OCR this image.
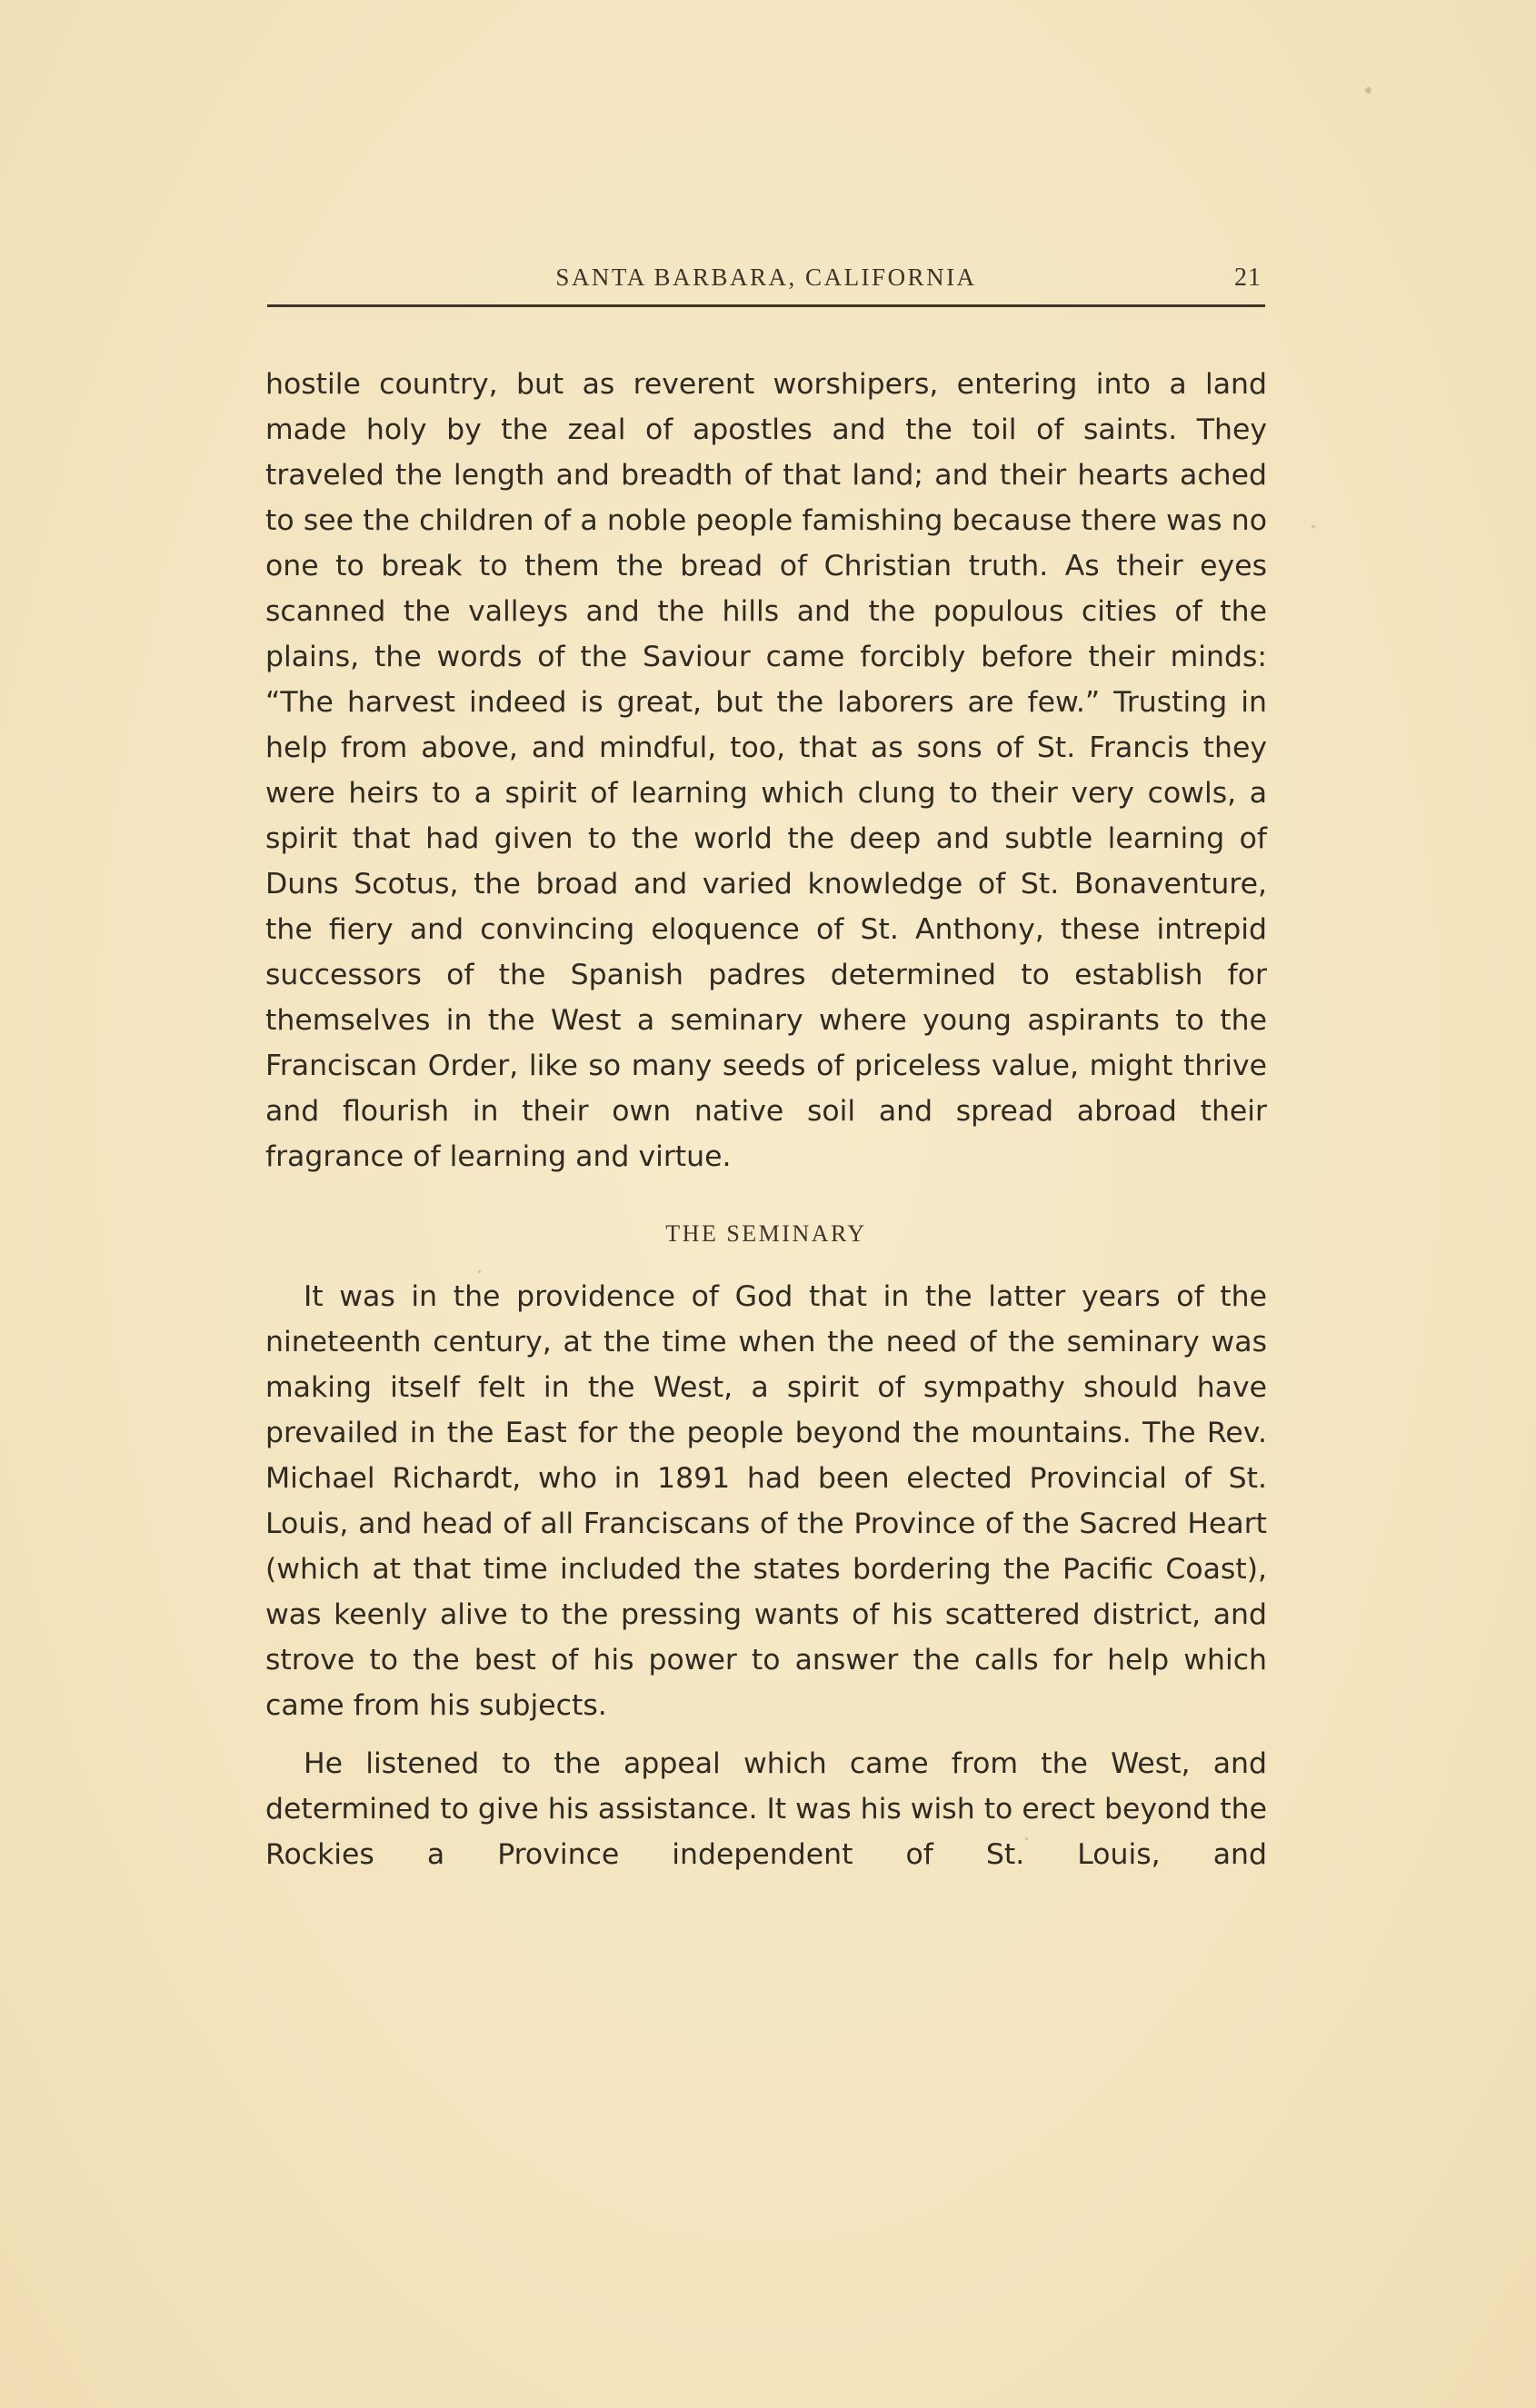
SANTA BARBARA, CALIFORNIA	21

hostile country, but as reverent worshipers, entering into a land made holy by the zeal of apostles and the toil of saints. They traveled the length and breadth of that land; and their hearts ached to see the children of a noble people famishing because there was no one to break to them the bread of Christian truth. As their eyes scanned the valleys and the hills and the populous cities of the plains, the words of the Saviour came forcibly before their minds: “The harvest indeed is great, but the laborers are few.” Trusting in help from above, and mindful, too, that as sons of St. Francis they were heirs to a spirit of learning which clung to their very cowls, a spirit that had given to the world the deep and subtle learning of Duns Scotus, the broad and varied knowledge of St. Bonaventure, the fiery and convincing eloquence of St. Anthony, these intrepid successors of the Spanish padres determined to establish for themselves in the West a seminary where young aspirants to the Franciscan Order, like so many seeds of priceless value, might thrive and flourish in their own native soil and spread abroad their fragrance of learning and virtue.

THE SEMINARY

It was in the providence of God that in the latter years of the nineteenth century, at the time when the need of the seminary was making itself felt in the West, a spirit of sympathy should have prevailed in the East for the people beyond the mountains. The Rev. Michael Richardt, who in 1891 had been elected Provincial of St. Louis, and head of all Franciscans of the Province of the Sacred Heart (which at that time included the states bordering the Pacific Coast), was keenly alive to the pressing wants of his scattered district, and strove to the best of his power to answer the calls for help which came from his subjects.

He listened to the appeal which came from the West, and determined to give his assistance. It was his wish to erect beyond the Rockies a Province independent of St. Louis, and
